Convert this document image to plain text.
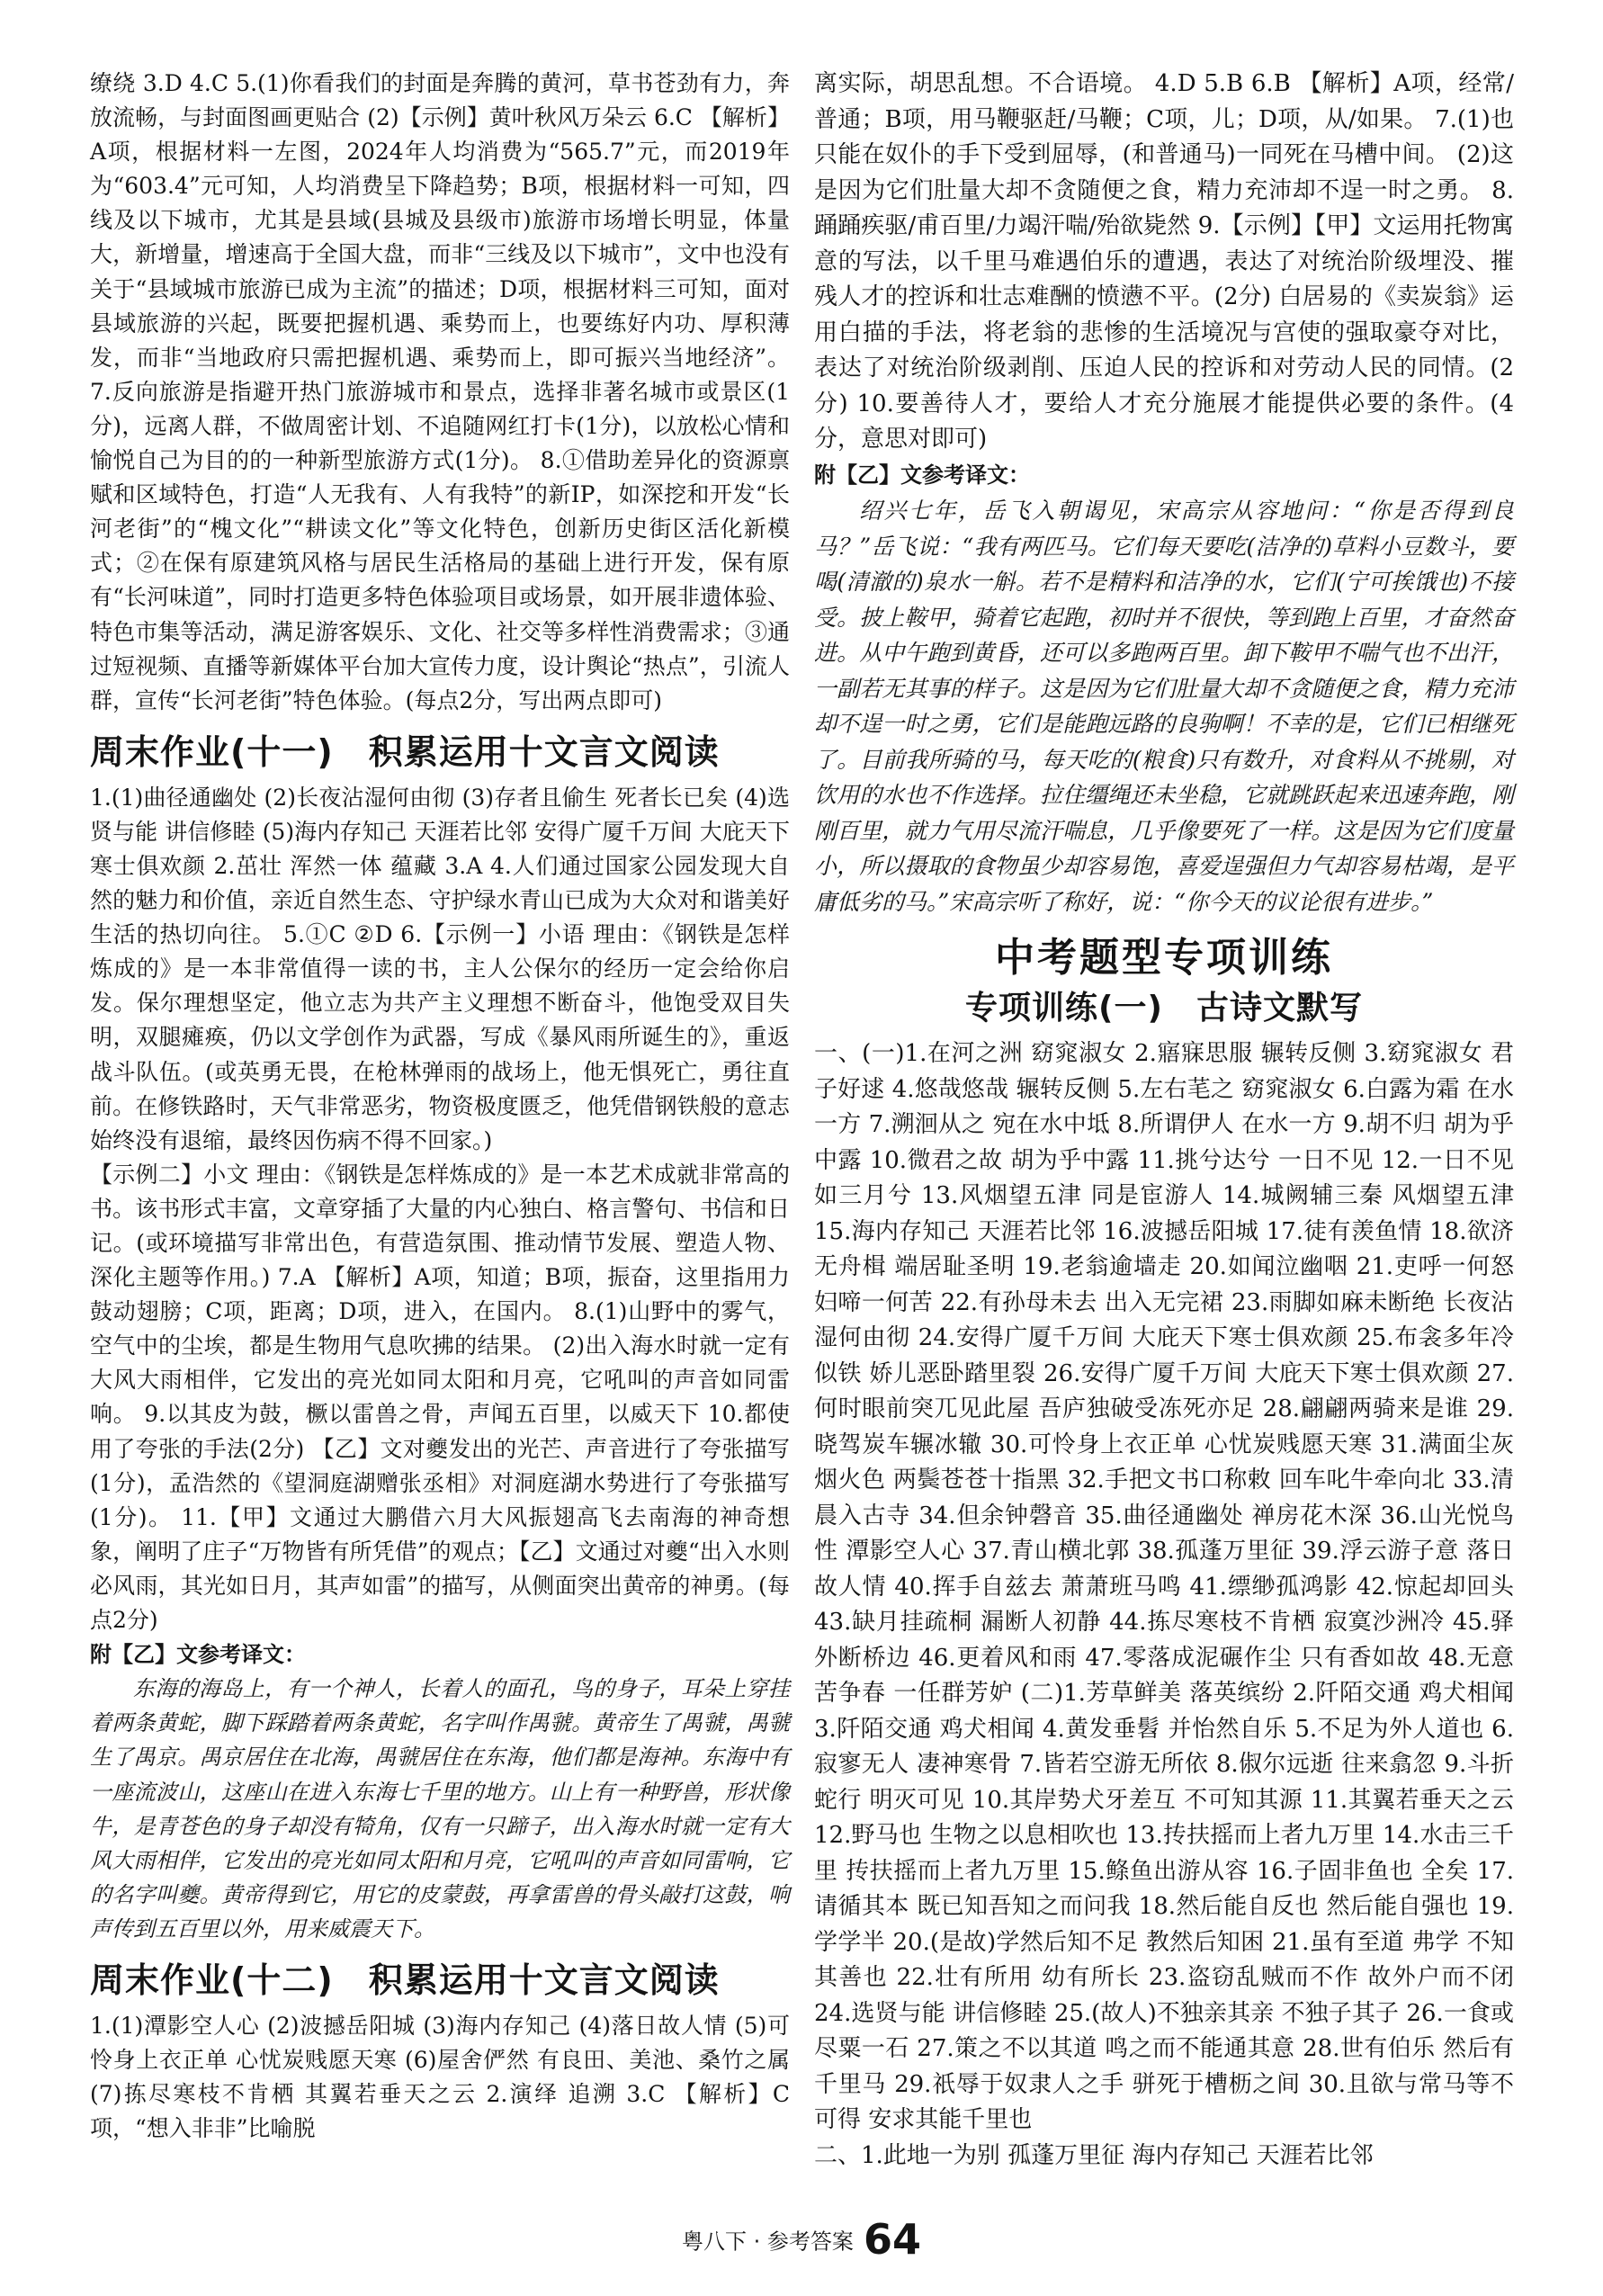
缭绕 3.D 4.C 5.(1)你看我们的封面是奔腾的黄河，草书苍劲有力，奔放流畅，与封面图画更贴合 (2)【示例】黄叶秋风万朵云 6.C 【解析】A项，根据材料一左图，2024年人均消费为“565.7”元，而2019年为“603.4”元可知，人均消费呈下降趋势；B项，根据材料一可知，四线及以下城市，尤其是县域(县城及县级市)旅游市场增长明显，体量大，新增量，增速高于全国大盘，而非“三线及以下城市”，文中也没有关于“县域城市旅游已成为主流”的描述；D项，根据材料三可知，面对县域旅游的兴起，既要把握机遇、乘势而上，也要练好内功、厚积薄发，而非“当地政府只需把握机遇、乘势而上，即可振兴当地经济”。 7.反向旅游是指避开热门旅游城市和景点，选择非著名城市或景区(1分)，远离人群，不做周密计划、不追随网红打卡(1分)，以放松心情和愉悦自己为目的的一种新型旅游方式(1分)。 8.①借助差异化的资源禀赋和区域特色，打造“人无我有、人有我特”的新IP，如深挖和开发“长河老街”的“槐文化”“耕读文化”等文化特色，创新历史街区活化新模式；②在保有原建筑风格与居民生活格局的基础上进行开发，保有原有“长河味道”，同时打造更多特色体验项目或场景，如开展非遗体验、特色市集等活动，满足游客娱乐、文化、社交等多样性消费需求；③通过短视频、直播等新媒体平台加大宣传力度，设计舆论“热点”，引流人群，宣传“长河老街”特色体验。(每点2分，写出两点即可)

周末作业(十一)　积累运用十文言文阅读

1.(1)曲径通幽处 (2)长夜沾湿何由彻 (3)存者且偷生 死者长已矣 (4)选贤与能 讲信修睦 (5)海内存知己 天涯若比邻 安得广厦千万间 大庇天下寒士俱欢颜 2.茁壮 浑然一体 蕴藏 3.A 4.人们通过国家公园发现大自然的魅力和价值，亲近自然生态、守护绿水青山已成为大众对和谐美好生活的热切向往。 5.①C ②D 6.【示例一】小语 理由：《钢铁是怎样炼成的》是一本非常值得一读的书，主人公保尔的经历一定会给你启发。保尔理想坚定，他立志为共产主义理想不断奋斗，他饱受双目失明，双腿瘫痪，仍以文学创作为武器，写成《暴风雨所诞生的》，重返战斗队伍。(或英勇无畏，在枪林弹雨的战场上，他无惧死亡，勇往直前。在修铁路时，天气非常恶劣，物资极度匮乏，他凭借钢铁般的意志始终没有退缩，最终因伤病不得不回家。)

【示例二】小文 理由：《钢铁是怎样炼成的》是一本艺术成就非常高的书。该书形式丰富，文章穿插了大量的内心独白、格言警句、书信和日记。(或环境描写非常出色，有营造氛围、推动情节发展、塑造人物、深化主题等作用。) 7.A 【解析】A项，知道；B项，振奋，这里指用力鼓动翅膀；C项，距离；D项，进入，在国内。 8.(1)山野中的雾气，空气中的尘埃，都是生物用气息吹拂的结果。 (2)出入海水时就一定有大风大雨相伴，它发出的亮光如同太阳和月亮，它吼叫的声音如同雷响。 9.以其皮为鼓，橛以雷兽之骨，声闻五百里，以威天下 10.都使用了夸张的手法(2分) 【乙】文对夔发出的光芒、声音进行了夸张描写(1分)，孟浩然的《望洞庭湖赠张丞相》对洞庭湖水势进行了夸张描写(1分)。 11.【甲】文通过大鹏借六月大风振翅高飞去南海的神奇想象，阐明了庄子“万物皆有所凭借”的观点；【乙】文通过对夔“出入水则必风雨，其光如日月，其声如雷”的描写，从侧面突出黄帝的神勇。(每点2分)

附【乙】文参考译文：

东海的海岛上，有一个神人，长着人的面孔，鸟的身子，耳朵上穿挂着两条黄蛇，脚下踩踏着两条黄蛇，名字叫作禺虢。黄帝生了禺虢，禺虢生了禺京。禺京居住在北海，禺虢居住在东海，他们都是海神。东海中有一座流波山，这座山在进入东海七千里的地方。山上有一种野兽，形状像牛，是青苍色的身子却没有犄角，仅有一只蹄子，出入海水时就一定有大风大雨相伴，它发出的亮光如同太阳和月亮，它吼叫的声音如同雷响，它的名字叫夔。黄帝得到它，用它的皮蒙鼓，再拿雷兽的骨头敲打这鼓，响声传到五百里以外，用来威震天下。

周末作业(十二)　积累运用十文言文阅读

1.(1)潭影空人心 (2)波撼岳阳城 (3)海内存知己 (4)落日故人情 (5)可怜身上衣正单 心忧炭贱愿天寒 (6)屋舍俨然 有良田、美池、桑竹之属 (7)拣尽寒枝不肯栖 其翼若垂天之云 2.演绎 追溯 3.C 【解析】C项，“想入非非”比喻脱

离实际，胡思乱想。不合语境。 4.D 5.B 6.B 【解析】A项，经常/普通；B项，用马鞭驱赶/马鞭；C项，儿；D项，从/如果。 7.(1)也只能在奴仆的手下受到屈辱，(和普通马)一同死在马槽中间。 (2)这是因为它们肚量大却不贪随便之食，精力充沛却不逞一时之勇。 8.踊踊疾驱/甫百里/力竭汗喘/殆欲毙然 9.【示例】【甲】文运用托物寓意的写法，以千里马难遇伯乐的遭遇，表达了对统治阶级埋没、摧残人才的控诉和壮志难酬的愤懑不平。(2分) 白居易的《卖炭翁》运用白描的手法，将老翁的悲惨的生活境况与宫使的强取豪夺对比，表达了对统治阶级剥削、压迫人民的控诉和对劳动人民的同情。(2分) 10.要善待人才，要给人才充分施展才能提供必要的条件。(4分，意思对即可)

附【乙】文参考译文：

绍兴七年，岳飞入朝谒见，宋高宗从容地问：“你是否得到良马？”岳飞说：“我有两匹马。它们每天要吃(洁净的)草料小豆数斗，要喝(清澈的)泉水一斛。若不是精料和洁净的水，它们(宁可挨饿也)不接受。披上鞍甲，骑着它起跑，初时并不很快，等到跑上百里，才奋然奋进。从中午跑到黄昏，还可以多跑两百里。卸下鞍甲不喘气也不出汗，一副若无其事的样子。这是因为它们肚量大却不贪随便之食，精力充沛却不逞一时之勇，它们是能跑远路的良驹啊！不幸的是，它们已相继死了。目前我所骑的马，每天吃的(粮食)只有数升，对食料从不挑剔，对饮用的水也不作选择。拉住缰绳还未坐稳，它就跳跃起来迅速奔跑，刚刚百里，就力气用尽流汗喘息，几乎像要死了一样。这是因为它们度量小，所以摄取的食物虽少却容易饱，喜爱逞强但力气却容易枯竭，是平庸低劣的马。”宋高宗听了称好，说：“你今天的议论很有进步。”

中考题型专项训练
专项训练(一)　古诗文默写

一、(一)1.在河之洲 窈窕淑女 2.寤寐思服 辗转反侧 3.窈窕淑女 君子好逑 4.悠哉悠哉 辗转反侧 5.左右芼之 窈窕淑女 6.白露为霜 在水一方 7.溯洄从之 宛在水中坻 8.所谓伊人 在水一方 9.胡不归 胡为乎中露 10.微君之故 胡为乎中露 11.挑兮达兮 一日不见 12.一日不见 如三月兮 13.风烟望五津 同是宦游人 14.城阙辅三秦 风烟望五津 15.海内存知己 天涯若比邻 16.波撼岳阳城 17.徒有羡鱼情 18.欲济无舟楫 端居耻圣明 19.老翁逾墙走 20.如闻泣幽咽 21.吏呼一何怒 妇啼一何苦 22.有孙母未去 出入无完裙 23.雨脚如麻未断绝 长夜沾湿何由彻 24.安得广厦千万间 大庇天下寒士俱欢颜 25.布衾多年冷似铁 娇儿恶卧踏里裂 26.安得广厦千万间 大庇天下寒士俱欢颜 27.何时眼前突兀见此屋 吾庐独破受冻死亦足 28.翩翩两骑来是谁 29.晓驾炭车辗冰辙 30.可怜身上衣正单 心忧炭贱愿天寒 31.满面尘灰烟火色 两鬓苍苍十指黑 32.手把文书口称敕 回车叱牛牵向北 33.清晨入古寺 34.但余钟磬音 35.曲径通幽处 禅房花木深 36.山光悦鸟性 潭影空人心 37.青山横北郭 38.孤蓬万里征 39.浮云游子意 落日故人情 40.挥手自兹去 萧萧班马鸣 41.缥缈孤鸿影 42.惊起却回头 43.缺月挂疏桐 漏断人初静 44.拣尽寒枝不肯栖 寂寞沙洲冷 45.驿外断桥边 46.更着风和雨 47.零落成泥碾作尘 只有香如故 48.无意苦争春 一任群芳妒 (二)1.芳草鲜美 落英缤纷 2.阡陌交通 鸡犬相闻 3.阡陌交通 鸡犬相闻 4.黄发垂髫 并怡然自乐 5.不足为外人道也 6.寂寥无人 凄神寒骨 7.皆若空游无所依 8.俶尔远逝 往来翕忽 9.斗折蛇行 明灭可见 10.其岸势犬牙差互 不可知其源 11.其翼若垂天之云 12.野马也 生物之以息相吹也 13.抟扶摇而上者九万里 14.水击三千里 抟扶摇而上者九万里 15.鲦鱼出游从容 16.子固非鱼也 全矣 17.请循其本 既已知吾知之而问我 18.然后能自反也 然后能自强也 19.学学半 20.(是故)学然后知不足 教然后知困 21.虽有至道 弗学 不知其善也 22.壮有所用 幼有所长 23.盗窃乱贼而不作 故外户而不闭 24.选贤与能 讲信修睦 25.(故人)不独亲其亲 不独子其子 26.一食或尽粟一石 27.策之不以其道 鸣之而不能通其意 28.世有伯乐 然后有千里马 29.祇辱于奴隶人之手 骈死于槽枥之间 30.且欲与常马等不可得 安求其能千里也

二、1.此地一为别 孤蓬万里征 海内存知己 天涯若比邻

粤八下 · 参考答案 64
